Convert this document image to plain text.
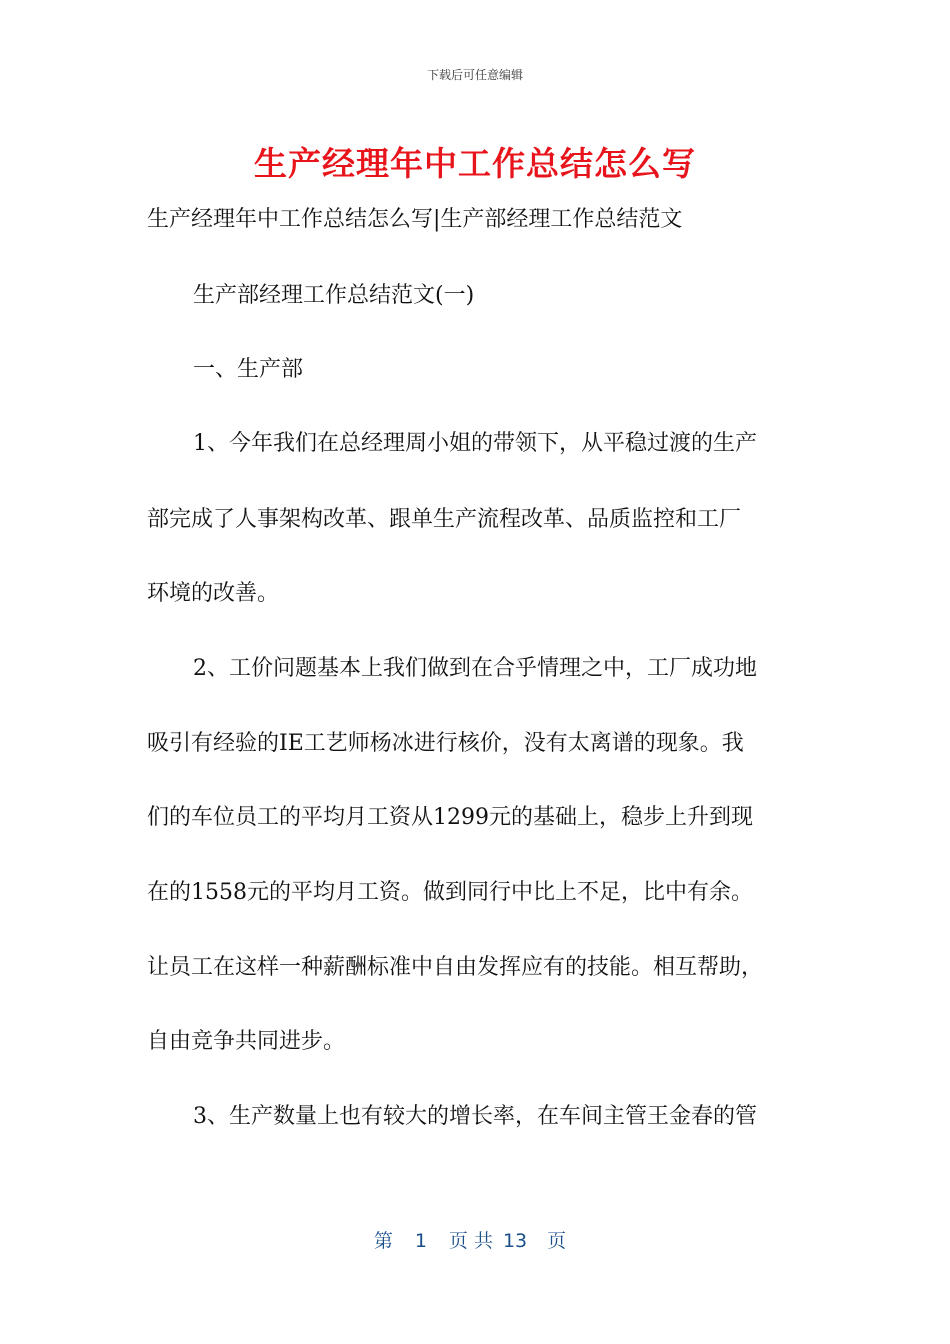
下载后可任意编辑
生产经理年中工作总结怎么写
生产经理年中工作总结怎么写|生产部经理工作总结范文
生产部经理工作总结范文(一)
一、生产部
1、今年我们在总经理周小姐的带领下，从平稳过渡的生产
部完成了人事架构改革、跟单生产流程改革、品质监控和工厂
环境的改善。
2、工价问题基本上我们做到在合乎情理之中，工厂成功地
吸引有经验的IE工艺师杨冰进行核价，没有太离谱的现象。我
们的车位员工的平均月工资从1299元的基础上，稳步上升到现
在的1558元的平均月工资。做到同行中比上不足，比中有余。
让员工在这样一种薪酬标准中自由发挥应有的技能。相互帮助，
自由竞争共同进步。
3、生产数量上也有较大的增长率，在车间主管王金春的管
第 1 页 共 13 页
